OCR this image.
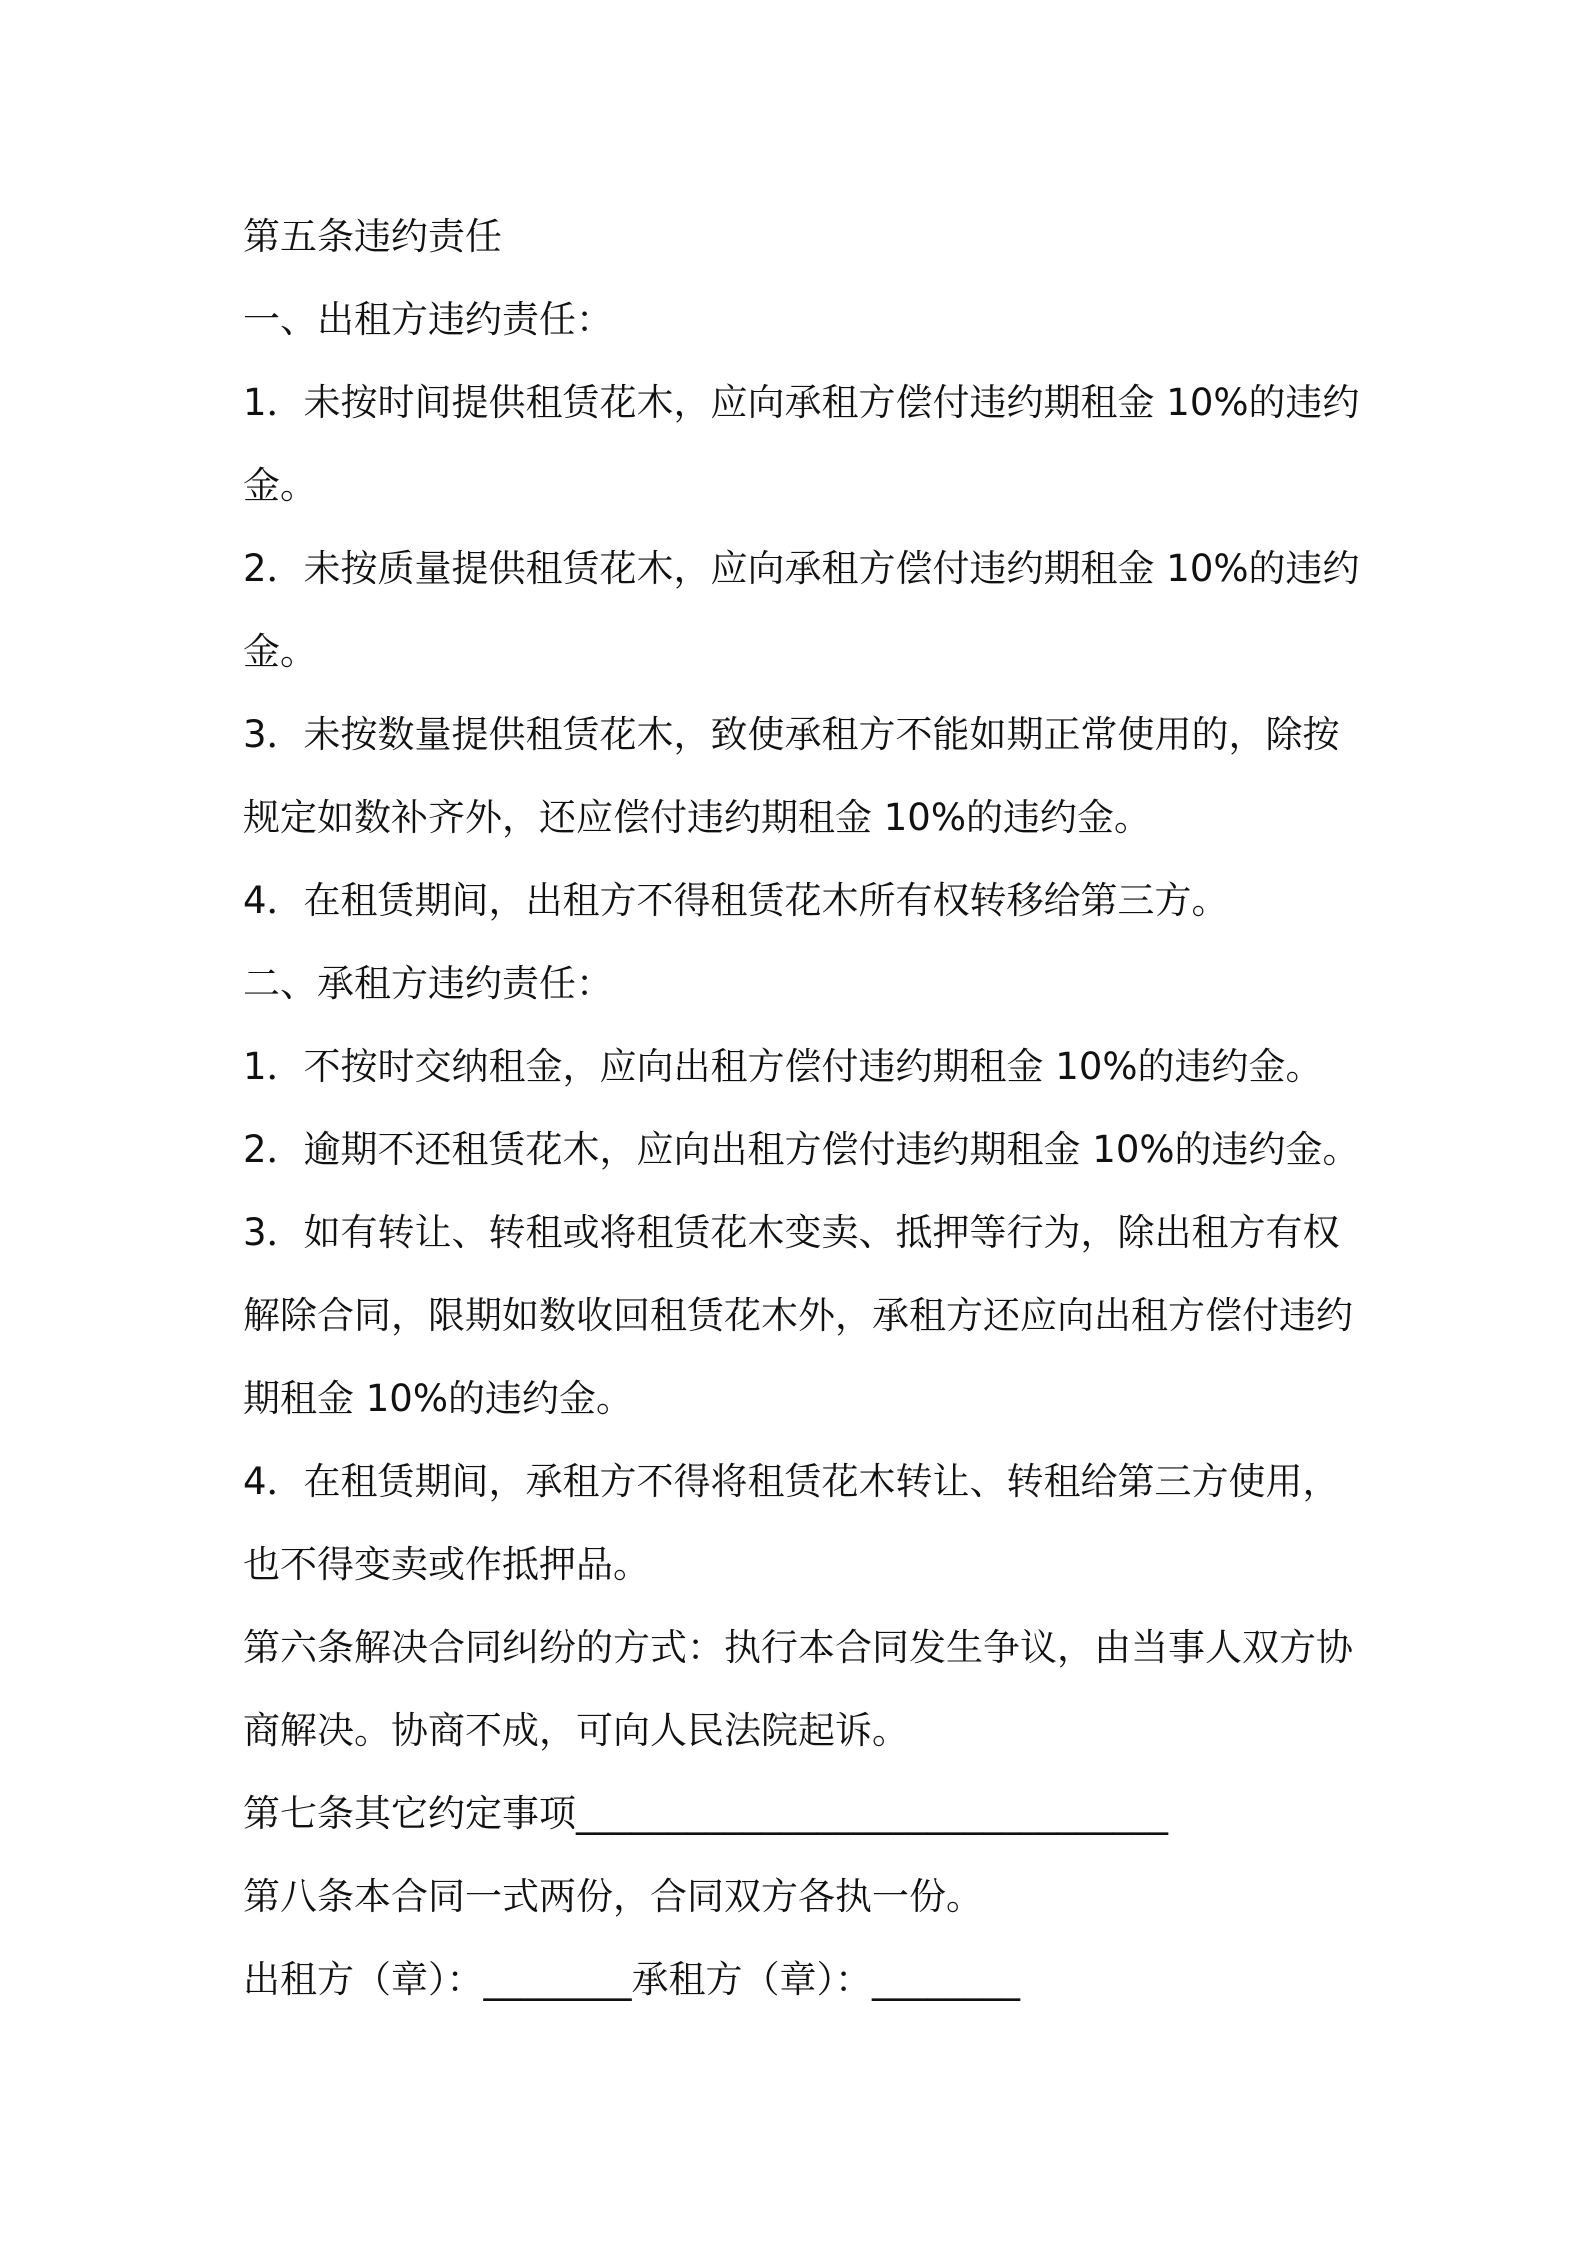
第五条违约责任
一、出租方违约责任：
1．未按时间提供租赁花木，应向承租方偿付违约期租金 10%的违约
金。
2．未按质量提供租赁花木，应向承租方偿付违约期租金 10%的违约
金。
3．未按数量提供租赁花木，致使承租方不能如期正常使用的，除按
规定如数补齐外，还应偿付违约期租金 10%的违约金。
4．在租赁期间，出租方不得租赁花木所有权转移给第三方。
二、承租方违约责任：
1．不按时交纳租金，应向出租方偿付违约期租金 10%的违约金。
2．逾期不还租赁花木，应向出租方偿付违约期租金 10%的违约金。
3．如有转让、转租或将租赁花木变卖、抵押等行为，除出租方有权
解除合同，限期如数收回租赁花木外，承租方还应向出租方偿付违约
期租金 10%的违约金。
4．在租赁期间，承租方不得将租赁花木转让、转租给第三方使用，
也不得变卖或作抵押品。
第六条解决合同纠纷的方式：执行本合同发生争议，由当事人双方协
商解决。协商不成，可向人民法院起诉。
第七条其它约定事项________________________________
第八条本合同一式两份，合同双方各执一份。
出租方（章）：________承租方（章）：________
